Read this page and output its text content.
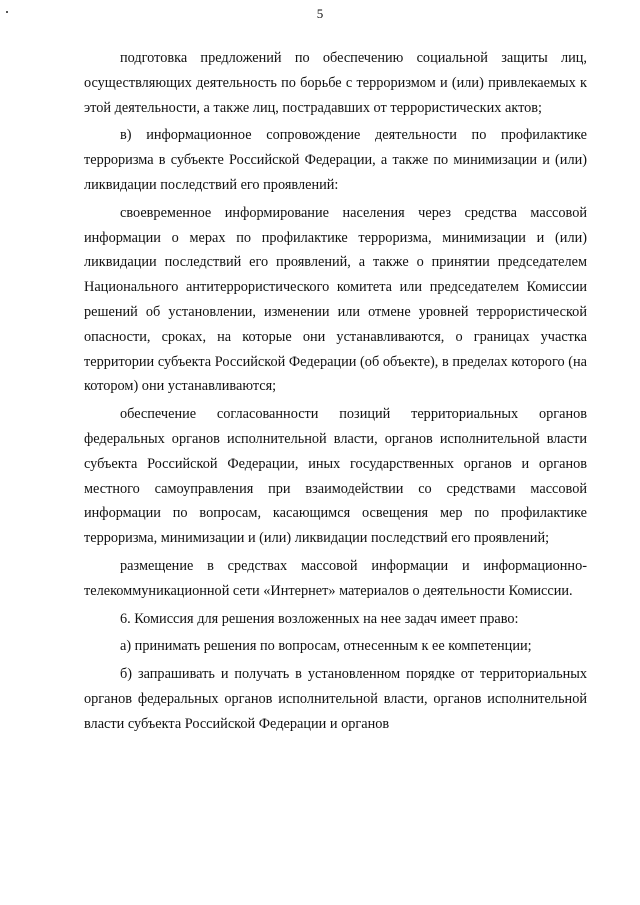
5

подготовка предложений по обеспечению социальной защиты лиц, осуществляющих деятельность по борьбе с терроризмом и (или) привлекаемых к этой деятельности, а также лиц, пострадавших от террористических актов;

в) информационное сопровождение деятельности по профилактике терроризма в субъекте Российской Федерации, а также по минимизации и (или) ликвидации последствий его проявлений:

своевременное информирование населения через средства массовой информации о мерах по профилактике терроризма, минимизации и (или) ликвидации последствий его проявлений, а также о принятии председателем Национального антитеррористического комитета или председателем Комиссии решений об установлении, изменении или отмене уровней террористической опасности, сроках, на которые они устанавливаются, о границах участка территории субъекта Российской Федерации (об объекте), в пределах которого (на котором) они устанавливаются;

обеспечение согласованности позиций территориальных органов федеральных органов исполнительной власти, органов исполнительной власти субъекта Российской Федерации, иных государственных органов и органов местного самоуправления при взаимодействии со средствами массовой информации по вопросам, касающимся освещения мер по профилактике терроризма, минимизации и (или) ликвидации последствий его проявлений;

размещение в средствах массовой информации и информационно-телекоммуникационной сети «Интернет» материалов о деятельности Комиссии.

6. Комиссия для решения возложенных на нее задач имеет право:

а) принимать решения по вопросам, отнесенным к ее компетенции;

б) запрашивать и получать в установленном порядке от территориальных органов федеральных органов исполнительной власти, органов исполнительной власти субъекта Российской Федерации и органов
